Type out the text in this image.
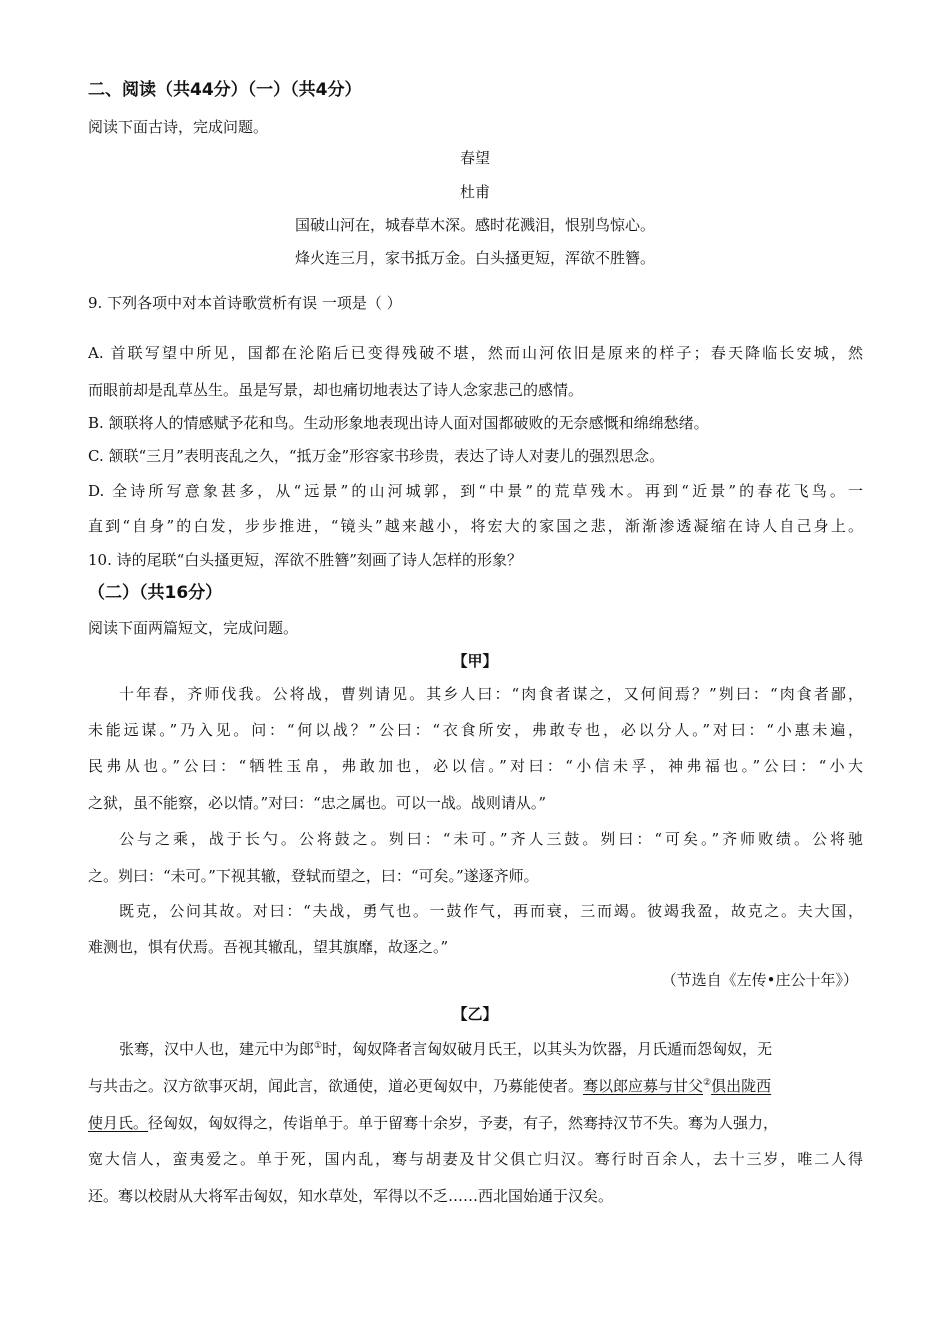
二、阅读（共44分）（一）（共4分）
阅读下面古诗，完成问题。
春望
杜甫
国破山河在，城春草木深。感时花溅泪，恨别鸟惊心。
烽火连三月，家书抵万金。白头搔更短，浑欲不胜簪。
9. 下列各项中对本首诗歌赏析有误 一项是（ ）
A. 首联写望中所见，国都在沦陷后已变得残破不堪，然而山河依旧是原来的样子；春天降临长安城，然
而眼前却是乱草丛生。虽是写景，却也痛切地表达了诗人念家悲己的感情。
B. 颔联将人的情感赋予花和鸟。生动形象地表现出诗人面对国都破败的无奈感慨和绵绵愁绪。
C. 颔联“三月”表明丧乱之久，“抵万金”形容家书珍贵，表达了诗人对妻儿的强烈思念。
D. 全诗所写意象甚多，从“远景”的山河城郭，到“中景”的荒草残木。再到“近景”的春花飞鸟。一
直到“自身”的白发，步步推进，“镜头”越来越小，将宏大的家国之悲，渐渐渗透凝缩在诗人自己身上。
10. 诗的尾联“白头搔更短，浑欲不胜簪”刻画了诗人怎样的形象？
（二）（共16分）
阅读下面两篇短文，完成问题。
【甲】
十年春，齐师伐我。公将战，曹刿请见。其乡人曰：“肉食者谋之，又何间焉？”刿曰：“肉食者鄙，
未能远谋。”乃入见。问：“何以战？”公曰：“衣食所安，弗敢专也，必以分人。”对曰：“小惠未遍，
民弗从也。”公曰：“牺牲玉帛，弗敢加也，必以信。”对曰：“小信未孚，神弗福也。”公曰：“小大
之狱，虽不能察，必以情。”对曰：“忠之属也。可以一战。战则请从。”
公与之乘，战于长勺。公将鼓之。刿曰：“未可。”齐人三鼓。刿曰：“可矣。”齐师败绩。公将驰
之。刿曰：“未可。”下视其辙，登轼而望之，曰：“可矣。”遂逐齐师。
既克，公问其故。对曰：“夫战，勇气也。一鼓作气，再而衰，三而竭。彼竭我盈，故克之。夫大国，
难测也，惧有伏焉。吾视其辙乱，望其旗靡，故逐之。”
（节选自《左传•庄公十年》）
【乙】
张骞，汉中人也，建元中为郎①时，匈奴降者言匈奴破月氏王，以其头为饮器，月氏遁而怨匈奴，无
与共击之。汉方欲事灭胡，闻此言，欲通使，道必更匈奴中，乃募能使者。骞以郎应募与甘父②俱出陇西
使月氏。径匈奴，匈奴得之，传诣单于。单于留骞十余岁，予妻，有子，然骞持汉节不失。骞为人强力，
宽大信人，蛮夷爱之。单于死，国内乱，骞与胡妻及甘父俱亡归汉。骞行时百余人，去十三岁，唯二人得
还。骞以校尉从大将军击匈奴，知水草处，军得以不乏……西北国始通于汉矣。
